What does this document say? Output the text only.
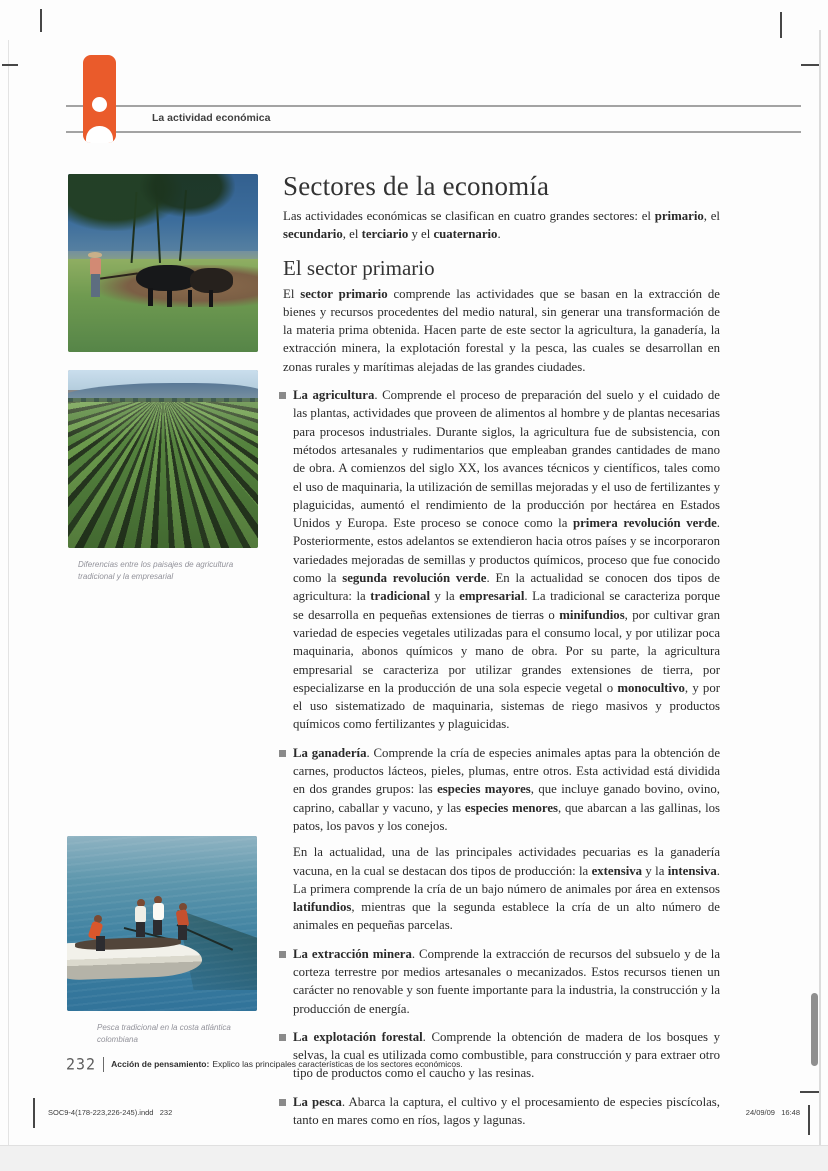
La actividad económica
Diferencias entre los paisajes de agricultura tradicional y la empresarial
Pesca tradicional en la costa atlántica colombiana
Sectores de la economía

Las actividades económicas se clasifican en cuatro grandes sectores: el primario, el secundario, el terciario y el cuaternario.

El sector primario

El sector primario comprende las actividades que se basan en la extracción de bienes y recursos procedentes del medio natural, sin generar una transformación de la materia prima obtenida. Hacen parte de este sector la agricultura, la ganadería, la extracción minera, la explotación forestal y la pesca, las cuales se desarrollan en zonas rurales y marítimas alejadas de las grandes ciudades.

La agricultura. Comprende el proceso de preparación del suelo y el cuidado de las plantas, actividades que proveen de alimentos al hombre y de plantas necesarias para procesos industriales. Durante siglos, la agricultura fue de subsistencia, con métodos artesanales y rudimentarios que empleaban grandes cantidades de mano de obra. A comienzos del siglo XX, los avances técnicos y científicos, tales como el uso de maquinaria, la utilización de semillas mejoradas y el uso de fertilizantes y plaguicidas, aumentó el rendimiento de la producción por hectárea en Estados Unidos y Europa. Este proceso se conoce como la primera revolución verde. Posteriormente, estos adelantos se extendieron hacia otros países y se incorporaron variedades mejoradas de semillas y productos químicos, proceso que fue conocido como la segunda revolución verde. En la actualidad se conocen dos tipos de agricultura: la tradicional y la empresarial. La tradicional se caracteriza porque se desarrolla en pequeñas extensiones de tierras o minifundios, por cultivar gran variedad de especies vegetales utilizadas para el consumo local, y por utilizar poca maquinaria, abonos químicos y mano de obra. Por su parte, la agricultura empresarial se caracteriza por utilizar grandes extensiones de tierra, por especializarse en la producción de una sola especie vegetal o monocultivo, y por el uso sistematizado de maquinaria, sistemas de riego masivos y productos químicos como fertilizantes y plaguicidas.
La ganadería. Comprende la cría de especies animales aptas para la obtención de carnes, productos lácteos, pieles, plumas, entre otros. Esta actividad está dividida en dos grandes grupos: las especies mayores, que incluye ganado bovino, ovino, caprino, caballar y vacuno, y las especies menores, que abarcan a las gallinas, los patos, los pavos y los conejos.
En la actualidad, una de las principales actividades pecuarias es la ganadería vacuna, en la cual se destacan dos tipos de producción: la extensiva y la intensiva. La primera comprende la cría de un bajo número de animales por área en extensos latifundios, mientras que la segunda establece la cría de un alto número de animales en pequeñas parcelas.
La extracción minera. Comprende la extracción de recursos del subsuelo y de la corteza terrestre por medios artesanales o mecanizados. Estos recursos tienen un carácter no renovable y son fuente importante para la industria, la construcción y la producción de energía.
La explotación forestal. Comprende la obtención de madera de los bosques y selvas, la cual es utilizada como combustible, para construcción y para extraer otro tipo de productos como el caucho y las resinas.
La pesca. Abarca la captura, el cultivo y el procesamiento de especies piscícolas, tanto en mares como en ríos, lagos y lagunas.
232 Acción de pensamiento: Explico las principales características de los sectores económicos.
SOC9-4(178-223,226-245).indd   232	24/09/09   16:48
